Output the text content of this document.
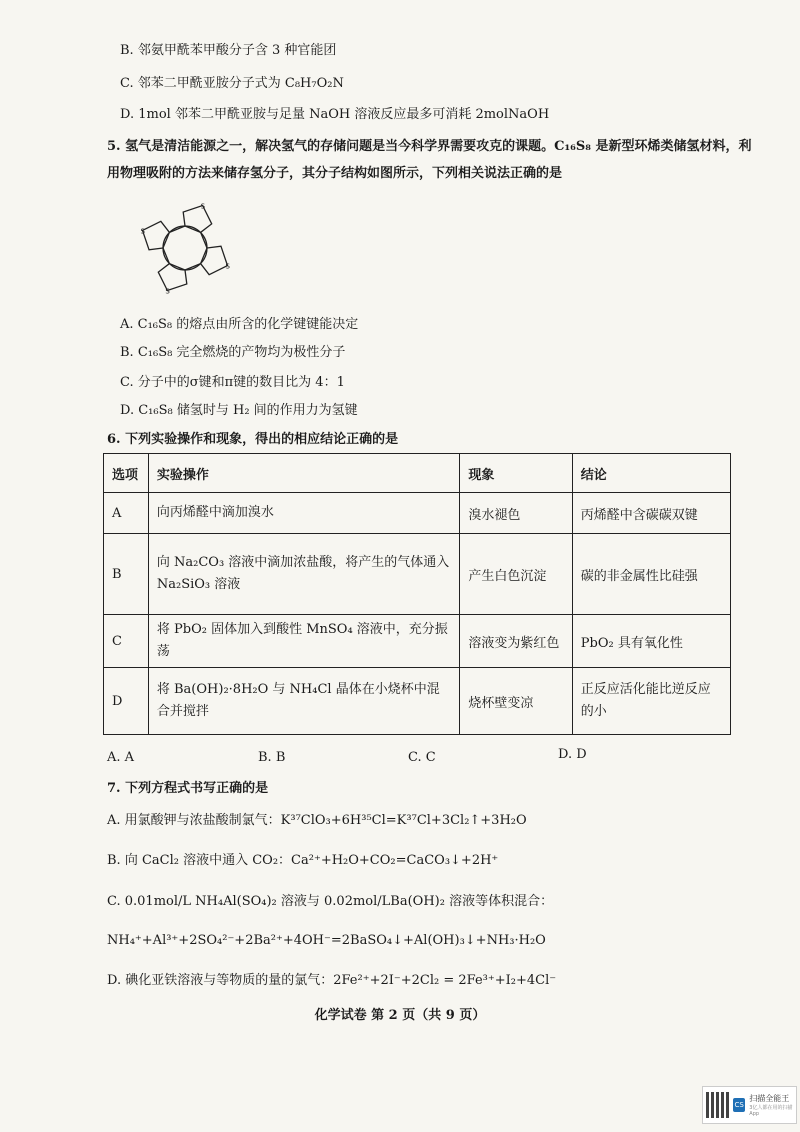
B. 邻氨甲酰苯甲酸分子含 3 种官能团
C. 邻苯二甲酰亚胺分子式为 C₈H₇O₂N
D. 1mol 邻苯二甲酰亚胺与足量 NaOH 溶液反应最多可消耗 2molNaOH
5. 氢气是清洁能源之一，解决氢气的存储问题是当今科学界需要攻克的课题。C₁₆S₈ 是新型环烯类储氢材料，利
用物理吸附的方法来储存氢分子，其分子结构如图所示，下列相关说法正确的是
S
S
S
S
A. C₁₆S₈ 的熔点由所含的化学键键能决定
B. C₁₆S₈ 完全燃烧的产物均为极性分子
C. 分子中的σ键和π键的数目比为 4：1
D. C₁₆S₈ 储氢时与 H₂ 间的作用力为氢键
6. 下列实验操作和现象，得出的相应结论正确的是
选项	实验操作	现象	结论
A	向丙烯醛中滴加溴水	溴水褪色	丙烯醛中含碳碳双键
B	向 Na₂CO₃ 溶液中滴加浓盐酸，将产生的气体通入 Na₂SiO₃ 溶液	产生白色沉淀	碳的非金属性比硅强
C	将 PbO₂ 固体加入到酸性 MnSO₄ 溶液中，充分振荡	溶液变为紫红色	PbO₂ 具有氧化性
D	将 Ba(OH)₂·8H₂O 与 NH₄Cl 晶体在小烧杯中混合并搅拌	烧杯壁变凉	正反应活化能比逆反应的小
A. A	B. B	C. C	D. D
7. 下列方程式书写正确的是
A. 用氯酸钾与浓盐酸制氯气：K³⁷ClO₃+6H³⁵Cl=K³⁷Cl+3Cl₂↑+3H₂O
B. 向 CaCl₂ 溶液中通入 CO₂：Ca²⁺+H₂O+CO₂=CaCO₃↓+2H⁺
C. 0.01mol/L NH₄Al(SO₄)₂ 溶液与 0.02mol/LBa(OH)₂ 溶液等体积混合：
NH₄⁺+Al³⁺+2SO₄²⁻+2Ba²⁺+4OH⁻=2BaSO₄↓+Al(OH)₃↓+NH₃·H₂O
D. 碘化亚铁溶液与等物质的量的氯气：2Fe²⁺+2I⁻+2Cl₂ = 2Fe³⁺+I₂+4Cl⁻
化学试卷 第 2 页（共 9 页）
CS
扫描全能王
3亿人都在用的扫描App
